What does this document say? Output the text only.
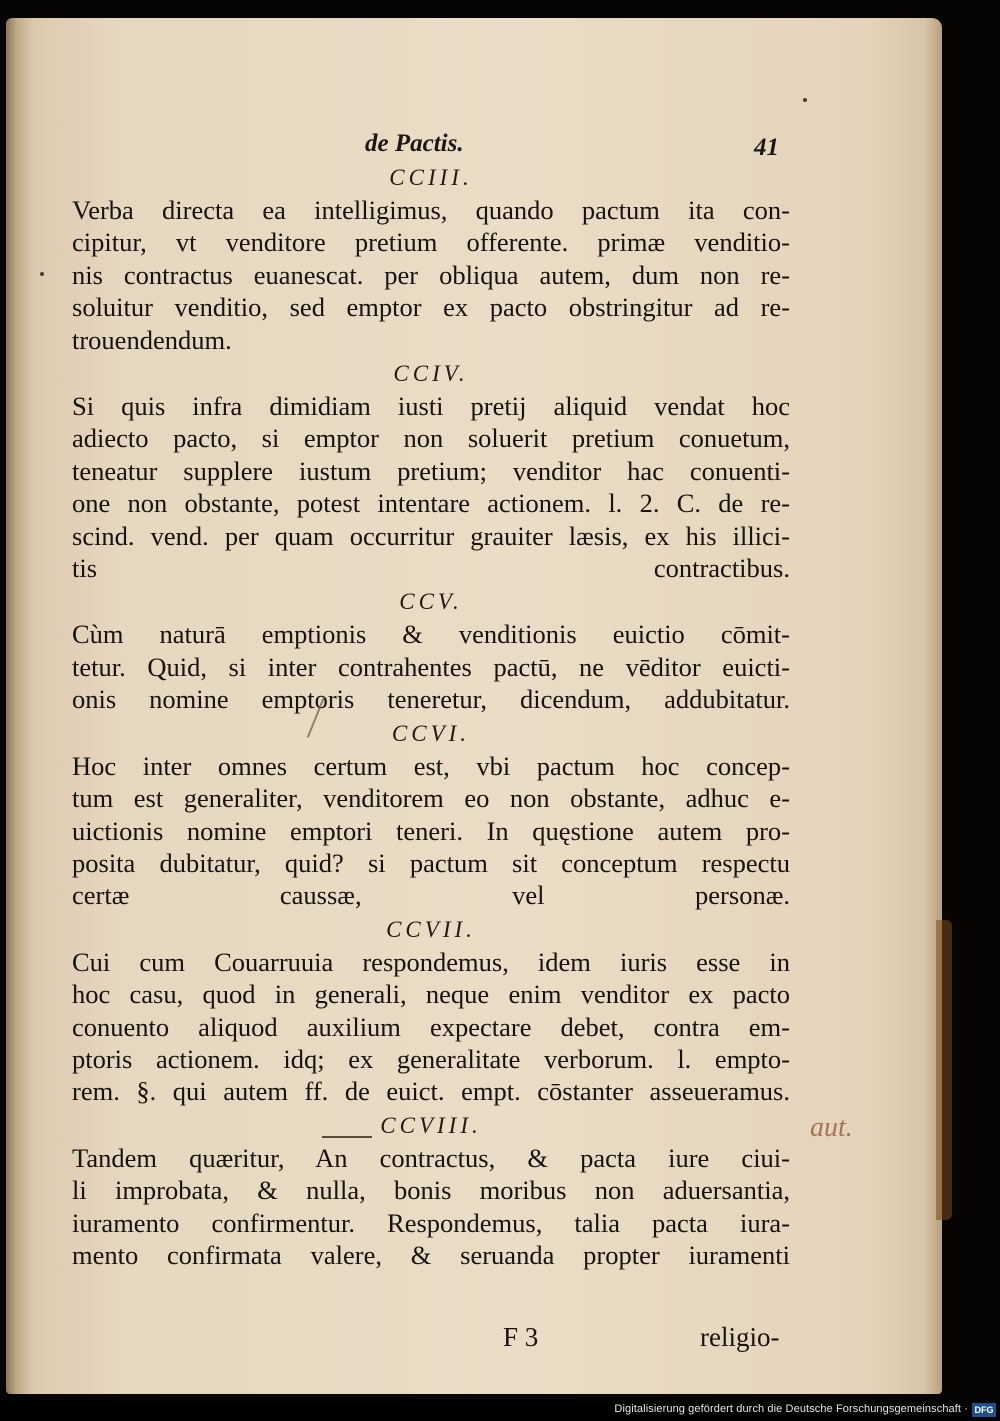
de Pactis.	41
CCIII.
Verba directa ea intelligimus, quando pactum ita con-
cipitur, vt venditore pretium offerente. primæ venditio-
nis contractus euanescat. per obliqua autem, dum non re-
soluitur venditio, sed emptor ex pacto obstringitur ad re-
trouendendum.
CCIV.
Si quis infra dimidiam iusti pretij aliquid vendat hoc
adiecto pacto, si emptor non soluerit pretium conuetum,
teneatur supplere iustum pretium; venditor hac conuenti-
one non obstante, potest intentare actionem. l. 2. C. de re-
scind. vend. per quam occurritur grauiter læsis, ex his illici-
tis contractibus.
CCV.
Cùm naturā emptionis & venditionis euictio cōmit-
tetur. Quid, si inter contrahentes pactū, ne vēditor euicti-
onis nomine emptoris teneretur, dicendum, addubitatur.
CCVI.
Hoc inter omnes certum est, vbi pactum hoc concep-
tum est generaliter, venditorem eo non obstante, adhuc e-
uictionis nomine emptori teneri. In quęstione autem pro-
posita dubitatur, quid? si pactum sit conceptum respectu
certæ caussæ, vel personæ.
CCVII.
Cui cum Couarruuia respondemus, idem iuris esse in
hoc casu, quod in generali, neque enim venditor ex pacto
conuento aliquod auxilium expectare debet, contra em-
ptoris actionem. idq; ex generalitate verborum. l. empto-
rem. §. qui autem ff. de euict. empt. cōstanter asseueramus.
CCVIII.
Tandem quæritur, An contractus, & pacta iure ciui-
li improbata, & nulla, bonis moribus non aduersantia,
iuramento confirmentur. Respondemus, talia pacta iura-
mento confirmata valere, & seruanda propter iuramenti
aut.
F 3	religio-
Digitalisierung gefördert durch die Deutsche Forschungsgemeinschaft · DFG
